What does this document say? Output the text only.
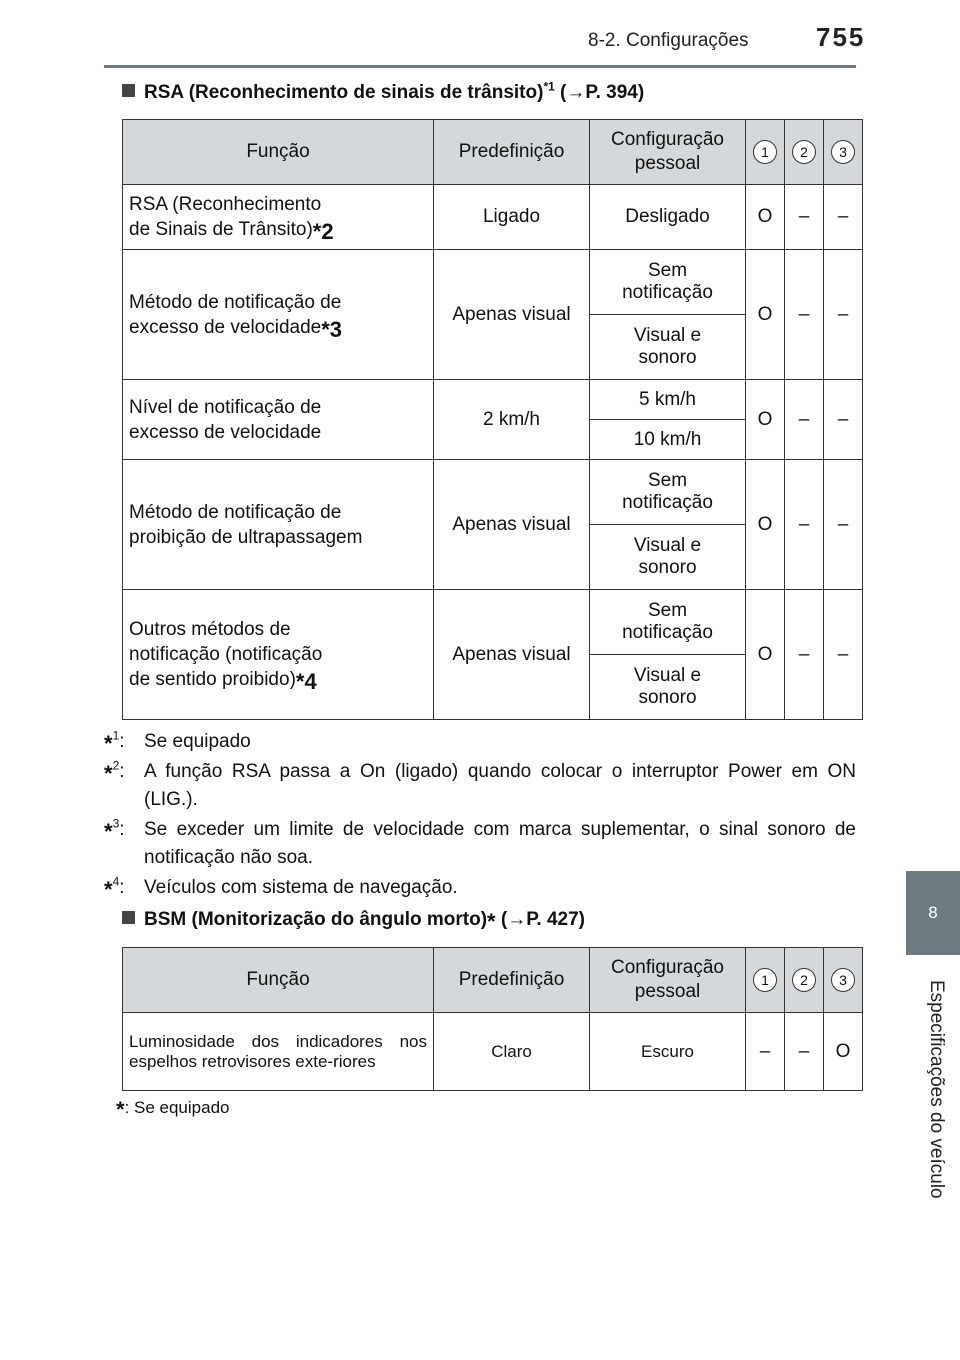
8-2. Configurações	755
8
Especificações do veículo
RSA (Reconhecimento de sinais de trânsito)$^{*1}$ (→P. 394)
Função	Predefinição	Configuração pessoal	1	2	3
RSA (Reconhecimento
de Sinais de Trânsito)*2	Ligado	Desligado	O	–	–
Método de notificação de
excesso de velocidade*3	Apenas visual	Sem notificação	O	–	–
		Visual e sonoro			
Nível de notificação de
excesso de velocidade	2 km/h	5 km/h	O	–	–
		10 km/h			
Método de notificação de
proibição de ultrapassagem	Apenas visual	Sem notificação	O	–	–
		Visual e sonoro			
Outros métodos de
notificação (notificação
de sentido proibido)*4	Apenas visual	Sem notificação	O	–	–
		Visual e sonoro			
*$^1$:	Se equipado
*$^2$:	A função RSA passa a On (ligado) quando colocar o interruptor Power em ON (LIG.).
*$^3$:	Se exceder um limite de velocidade com marca suplementar, o sinal sonoro de notificação não soa.
*$^4$:	Veículos com sistema de navegação.
BSM (Monitorização do ângulo morto)* (→P. 427)
Função	Predefinição	Configuração pessoal	1	2	3
Luminosidade dos indicadores nos espelhos retrovisores exte-riores	Claro	Escuro	–	–	O
*: Se equipado
